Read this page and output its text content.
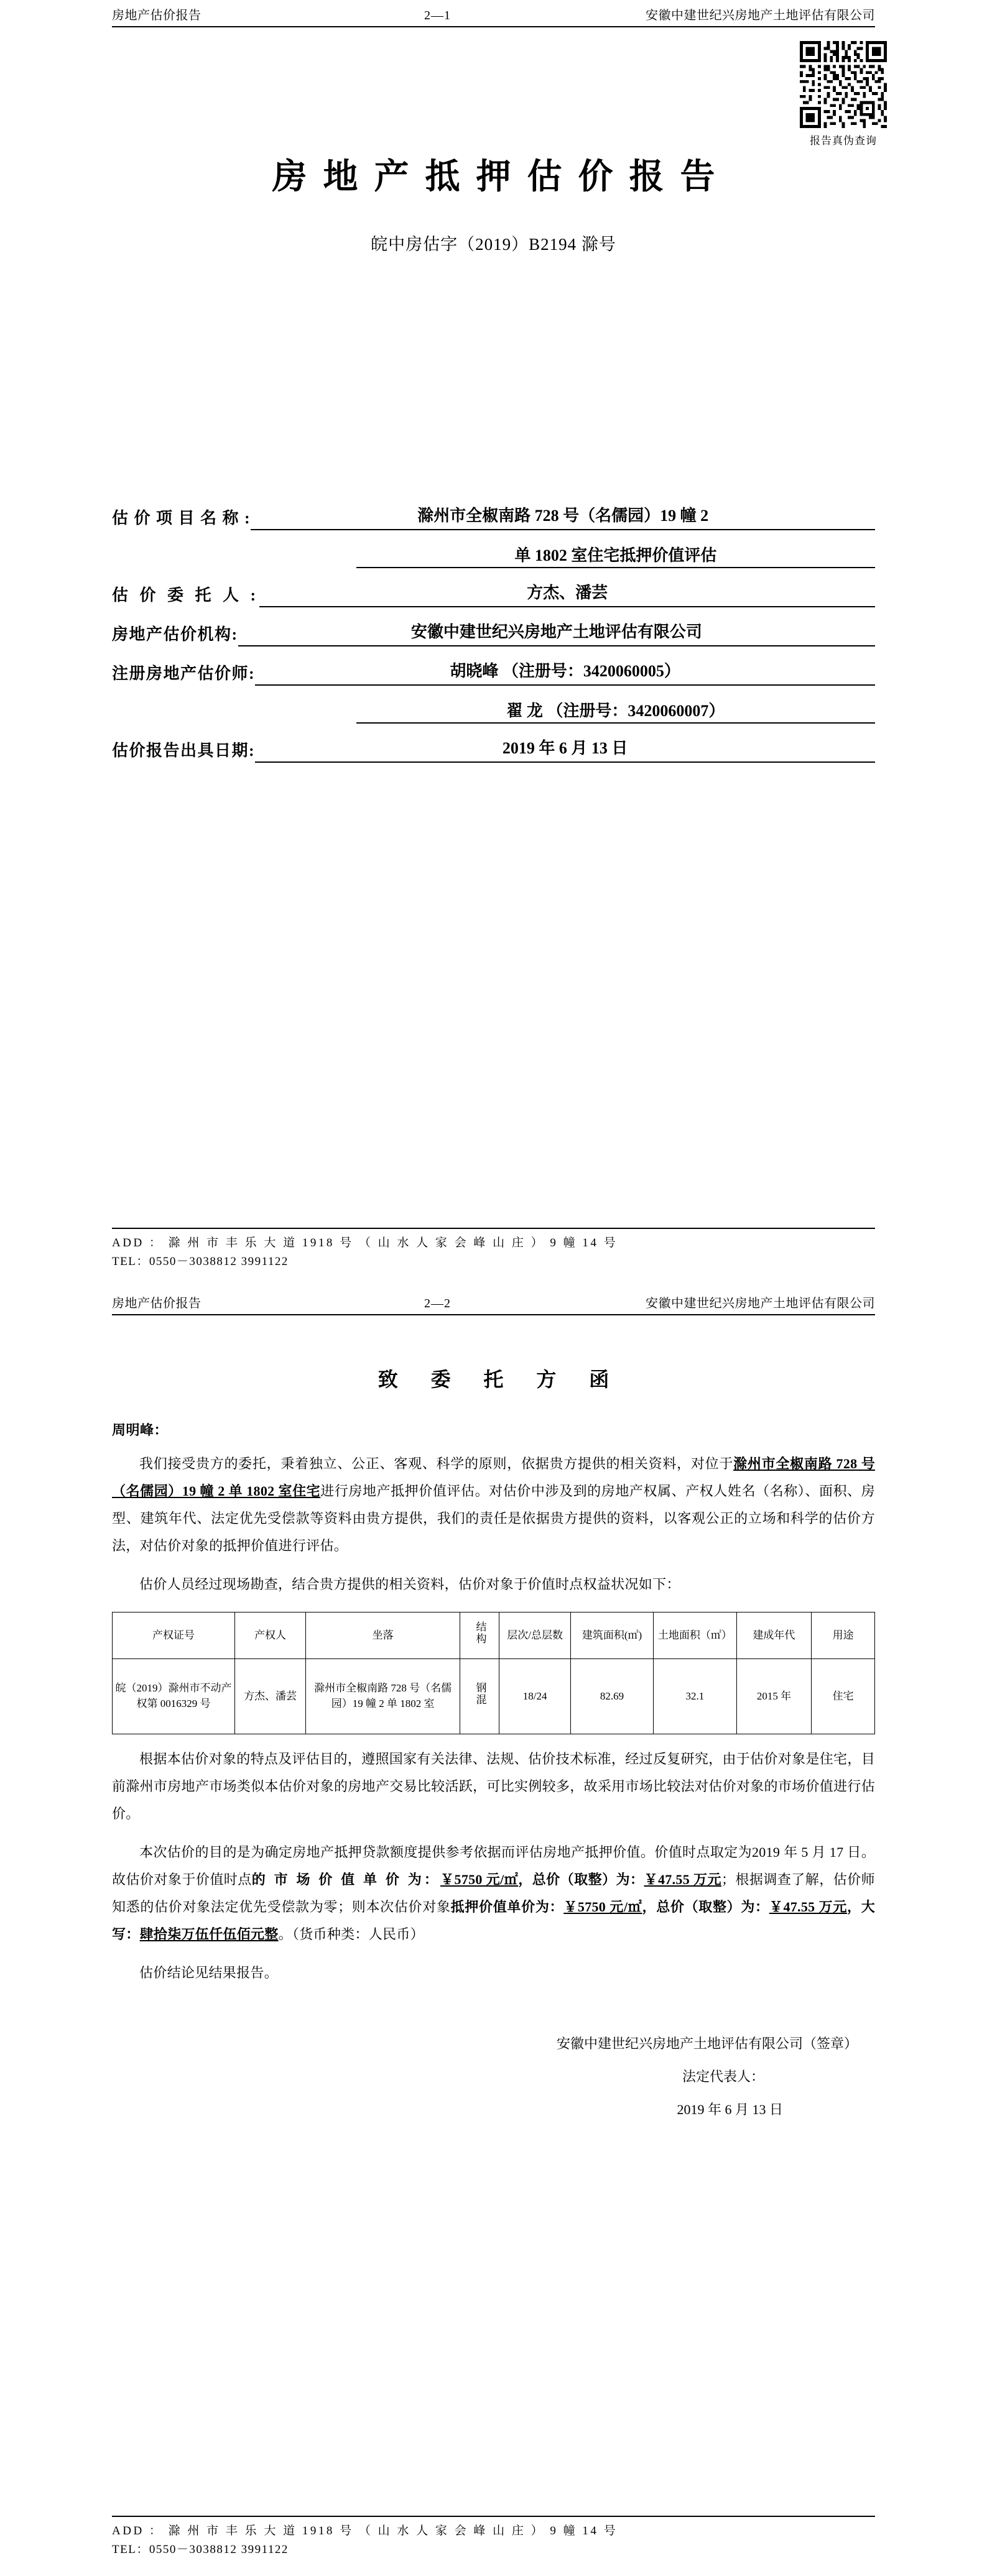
房地产估价报告	2—1	安徽中建世纪兴房地产土地评估有限公司
报告真伪查询
房地产抵押估价报告
皖中房估字（2019）B2194 滁号
估 价 项 目 名 称 :	滁州市全椒南路 728 号（名儒园）19 幢 2
单 1802 室住宅抵押价值评估
估 价 委 托 人 :	方杰、潘芸
房地产估价机构:	安徽中建世纪兴房地产土地评估有限公司
注册房地产估价师:	胡晓峰 （注册号：3420060005）
翟 龙 （注册号：3420060007）
估价报告出具日期:	2019 年 6 月 13 日
ADD ： 滁 州 市 丰 乐 大 道 1918 号 （ 山 水 人 家 会 峰 山 庄 ） 9 幢 14 号
TEL：0550－3038812 3991122
房地产估价报告	2—2	安徽中建世纪兴房地产土地评估有限公司
致 委 托 方 函
周明峰：

我们接受贵方的委托，秉着独立、公正、客观、科学的原则，依据贵方提供的相关资料，对位于滁州市全椒南路 728 号（名儒园）19 幢 2 单 1802 室住宅进行房地产抵押价值评估。对估价中涉及到的房地产权属、产权人姓名（名称）、面积、房型、建筑年代、法定优先受偿款等资料由贵方提供，我们的责任是依据贵方提供的资料，以客观公正的立场和科学的估价方法，对估价对象的抵押价值进行评估。

估价人员经过现场勘查，结合贵方提供的相关资料，估价对象于价值时点权益状况如下：

产权证号	产权人	坐落	结构	层次/总层数	建筑面积(㎡)	土地面积（㎡）	建成年代	用途
皖（2019）滁州市不动产权第 0016329 号	方杰、潘芸	滁州市全椒南路 728 号（名儒园）19 幢 2 单 1802 室	钢混	18/24	82.69	32.1	2015 年	住宅

根据本估价对象的特点及评估目的，遵照国家有关法律、法规、估价技术标准，经过反复研究，由于估价对象是住宅，目前滁州市房地产市场类似本估价对象的房地产交易比较活跃，可比实例较多，故采用市场比较法对估价对象的市场价值进行估价。

本次估价的目的是为确定房地产抵押贷款额度提供参考依据而评估房地产抵押价值。价值时点取定为2019 年 5 月 17 日。故估价对象于价值时点的 市 场 价 值 单 价 为：￥5750 元/㎡，总价（取整）为：￥47.55 万元；根据调查了解，估价师知悉的估价对象法定优先受偿款为零；则本次估价对象抵押价值单价为：￥5750 元/㎡，总价（取整）为：￥47.55 万元，大写：肆拾柒万伍仟伍佰元整。（货币种类：人民币）

估价结论见结果报告。

安徽中建世纪兴房地产土地评估有限公司（签章）
法定代表人：
2019 年 6 月 13 日
ADD ： 滁 州 市 丰 乐 大 道 1918 号 （ 山 水 人 家 会 峰 山 庄 ） 9 幢 14 号
TEL：0550－3038812 3991122
